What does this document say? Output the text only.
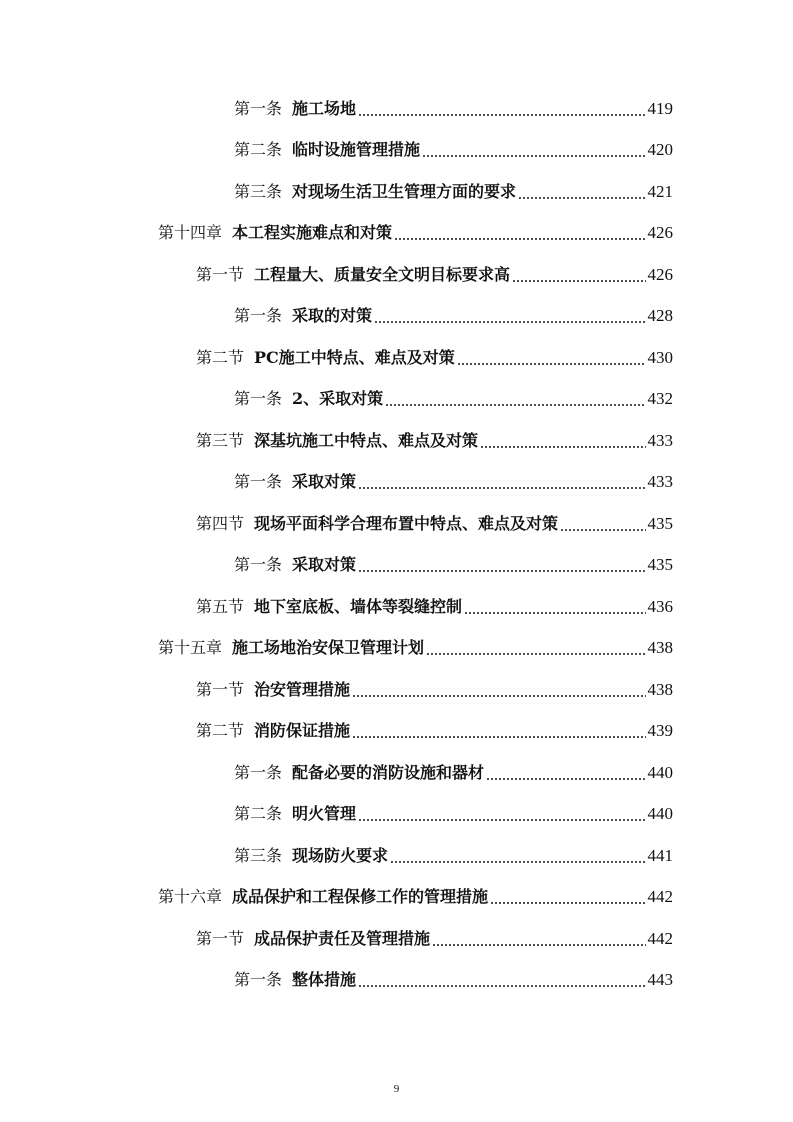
第一条 施工场地	419
第二条 临时设施管理措施	420
第三条 对现场生活卫生管理方面的要求	421
第十四章 本工程实施难点和对策	426
第一节 工程量大、质量安全文明目标要求高	426
第一条 采取的对策	428
第二节 PC施工中特点、难点及对策	430
第一条 2、采取对策	432
第三节 深基坑施工中特点、难点及对策	433
第一条 采取对策	433
第四节 现场平面科学合理布置中特点、难点及对策	435
第一条 采取对策	435
第五节 地下室底板、墙体等裂缝控制	436
第十五章 施工场地治安保卫管理计划	438
第一节 治安管理措施	438
第二节 消防保证措施	439
第一条 配备必要的消防设施和器材	440
第二条 明火管理	440
第三条 现场防火要求	441
第十六章 成品保护和工程保修工作的管理措施	442
第一节 成品保护责任及管理措施	442
第一条 整体措施	443
9
